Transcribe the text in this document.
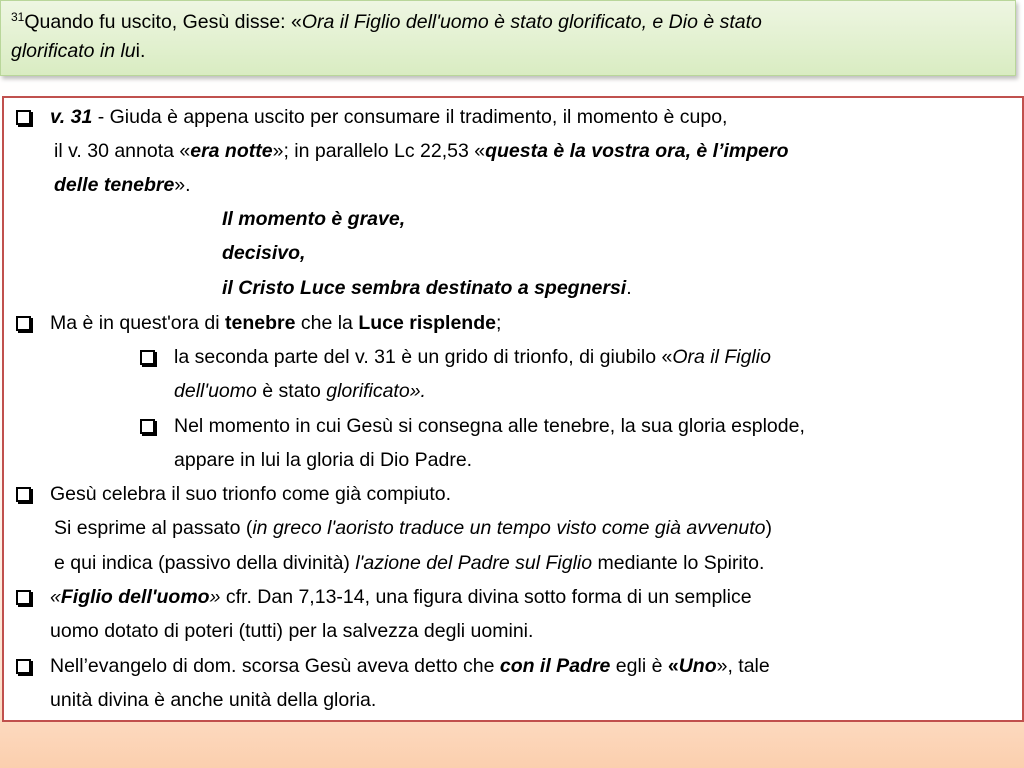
$^{31}$Quando fu uscito, Gesù disse: «Ora il Figlio dell'uomo è stato glorificato, e Dio è stato
glorificato in lui.
v. 31 - Giuda è appena uscito per consumare il tradimento, il momento è cupo,
il v. 30 annota «era notte»; in parallelo Lc 22,53 «questa è la vostra ora, è l’impero
delle tenebre».
Il momento è grave,
decisivo,
il Cristo Luce sembra destinato a spegnersi.
Ma è in quest'ora di tenebre che la Luce risplende;
la seconda parte del v. 31 è un grido di trionfo, di giubilo «Ora il Figlio
dell'uomo è stato glorificato».
Nel momento in cui Gesù si consegna alle tenebre, la sua gloria esplode,
appare in lui la gloria di Dio Padre.
Gesù celebra il suo trionfo come già compiuto.
Si esprime al passato (in greco l'aoristo traduce un tempo visto come già avvenuto)
e qui indica (passivo della divinità) l'azione del Padre sul Figlio mediante lo Spirito.
«Figlio dell'uomo» cfr. Dan 7,13-14, una figura divina sotto forma di un semplice
uomo dotato di poteri (tutti) per la salvezza degli uomini.
Nell’evangelo di dom. scorsa Gesù aveva detto che con il Padre egli è «Uno», tale
unità divina è anche unità della gloria.
